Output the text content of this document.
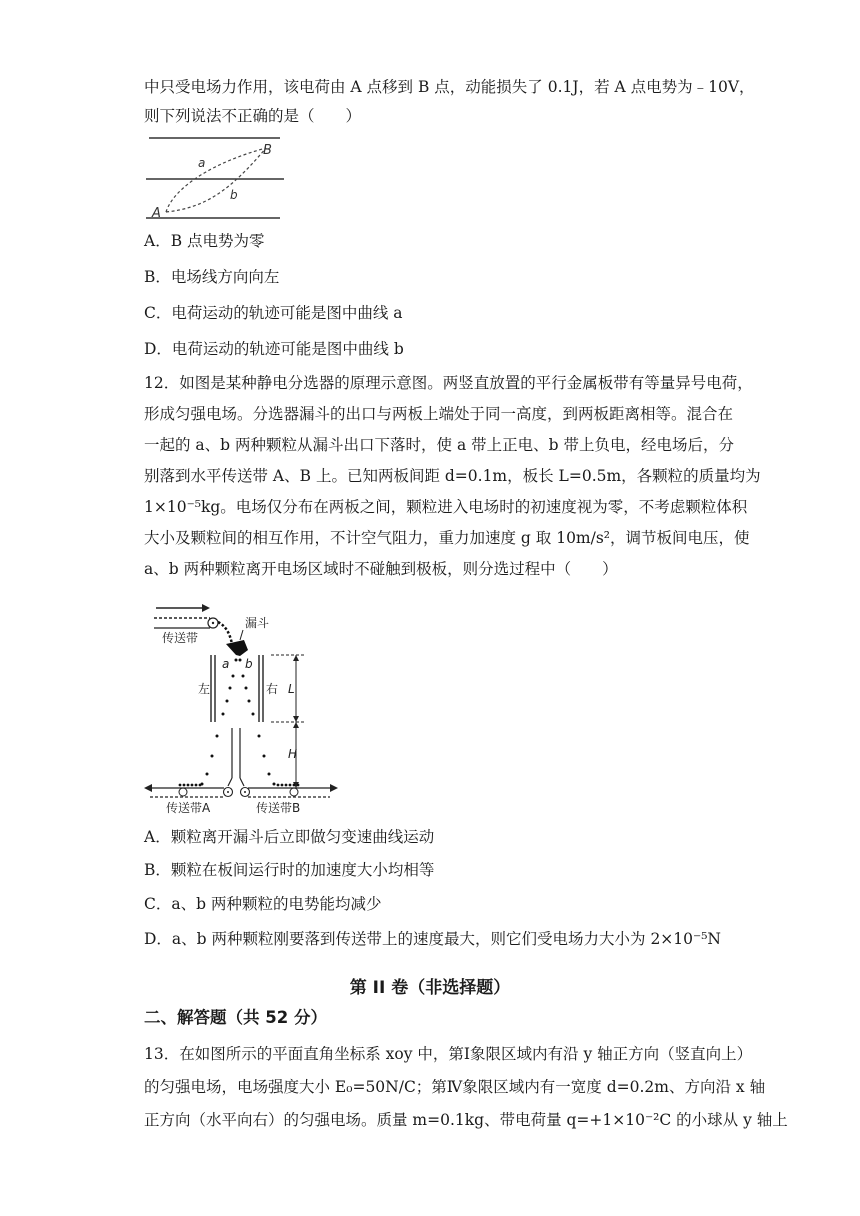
中只受电场力作用，该电荷由 A 点移到 B 点，动能损失了 0.1J，若 A 点电势为﹣10V，
则下列说法不正确的是（　　）
a
b
A
B
A．B 点电势为零
B．电场线方向向左
C．电荷运动的轨迹可能是图中曲线 a
D．电荷运动的轨迹可能是图中曲线 b
12．如图是某种静电分选器的原理示意图。两竖直放置的平行金属板带有等量异号电荷，
形成匀强电场。分选器漏斗的出口与两板上端处于同一高度，到两板距离相等。混合在
一起的 a、b 两种颗粒从漏斗出口下落时，使 a 带上正电、b 带上负电，经电场后，分
别落到水平传送带 A、B 上。已知两板间距 d=0.1m，板长 L=0.5m，各颗粒的质量均为
1×10⁻⁵kg。电场仅分布在两板之间，颗粒进入电场时的初速度视为零，不考虑颗粒体积
大小及颗粒间的相互作用，不计空气阻力，重力加速度 g 取 10m/s²，调节板间电压，使
a、b 两种颗粒离开电场区域时不碰触到极板，则分选过程中（　　）
传送带
漏斗
左	右
a b
L
H
传送带A	传送带B
A．颗粒离开漏斗后立即做匀变速曲线运动
B．颗粒在板间运行时的加速度大小均相等
C．a、b 两种颗粒的电势能均减少
D．a、b 两种颗粒刚要落到传送带上的速度最大，则它们受电场力大小为 2×10⁻⁵N
第 II 卷（非选择题）
二、解答题（共 52 分）
13．在如图所示的平面直角坐标系 xoy 中，第Ⅰ象限区域内有沿 y 轴正方向（竖直向上）
的匀强电场，电场强度大小 E₀=50N/C；第Ⅳ象限区域内有一宽度 d=0.2m、方向沿 x 轴
正方向（水平向右）的匀强电场。质量 m=0.1kg、带电荷量 q=+1×10⁻²C 的小球从 y 轴上
